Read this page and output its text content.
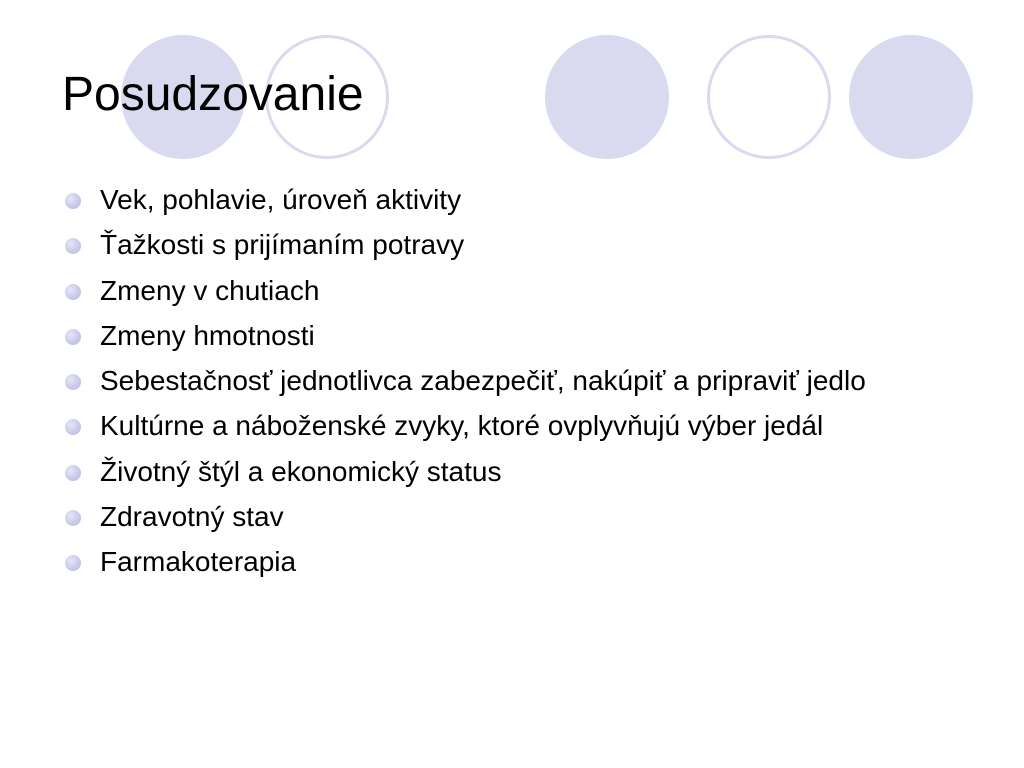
Posudzovanie
Vek, pohlavie, úroveň aktivity
Ťažkosti s prijímaním potravy
Zmeny v chutiach
Zmeny hmotnosti
Sebestačnosť jednotlivca zabezpečiť, nakúpiť a pripraviť jedlo
Kultúrne a náboženské zvyky, ktoré ovplyvňujú výber jedál
Životný štýl a ekonomický status
Zdravotný stav
Farmakoterapia
